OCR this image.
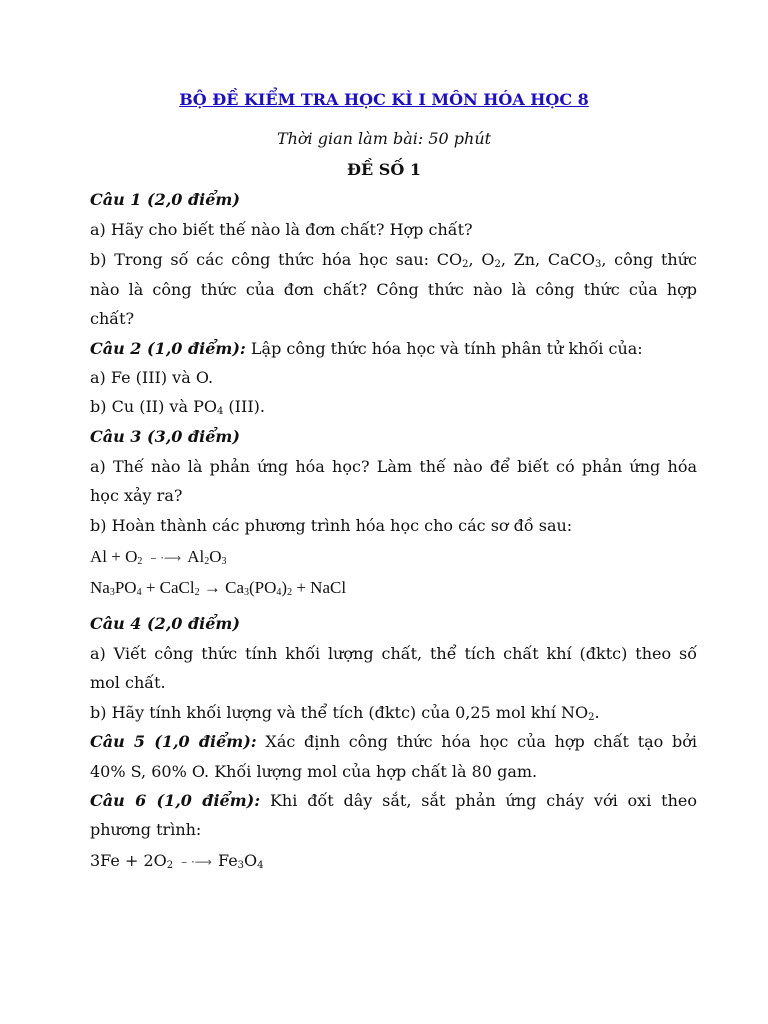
BỘ ĐỀ KIỂM TRA HỌC KÌ I MÔN HÓA HỌC 8
Thời gian làm bài: 50 phút
ĐỀ SỐ 1
Câu 1 (2,0 điểm)
a) Hãy cho biết thế nào là đơn chất? Hợp chất?
b) Trong số các công thức hóa học sau: $CO_2$, $O_2$, Zn, CaCO$_3$, công thức
nào là công thức của đơn chất? Công thức nào là công thức của hợp
chất?
Câu 2 (1,0 điểm): Lập công thức hóa học và tính phân tử khối của:
a) Fe (III) và O.
b) Cu (II) và $PO_4$ (III).
Câu 3 (3,0 điểm)
a) Thế nào là phản ứng hóa học? Làm thế nào để biết có phản ứng hóa
học xảy ra?
b) Hoàn thành các phương trình hóa học cho các sơ đồ sau:
$Al + O_2$ – ·⟶ $Al_2O_3$
$Na_3PO_4$ + CaCl$_2$ → $Ca_3(PO_4)_2$ + NaCl
Câu 4 (2,0 điểm)
a) Viết công thức tính khối lượng chất, thể tích chất khí (đktc) theo số
mol chất.
b) Hãy tính khối lượng và thể tích (đktc) của 0,25 mol khí $NO_2$.
Câu 5 (1,0 điểm): Xác định công thức hóa học của hợp chất tạo bởi
40% S, 60% O. Khối lượng mol của hợp chất là 80 gam.
Câu 6 (1,0 điểm): Khi đốt dây sắt, sắt phản ứng cháy với oxi theo
phương trình:
$3Fe + 2O_2$ – ·⟶ $Fe_3O_4$
